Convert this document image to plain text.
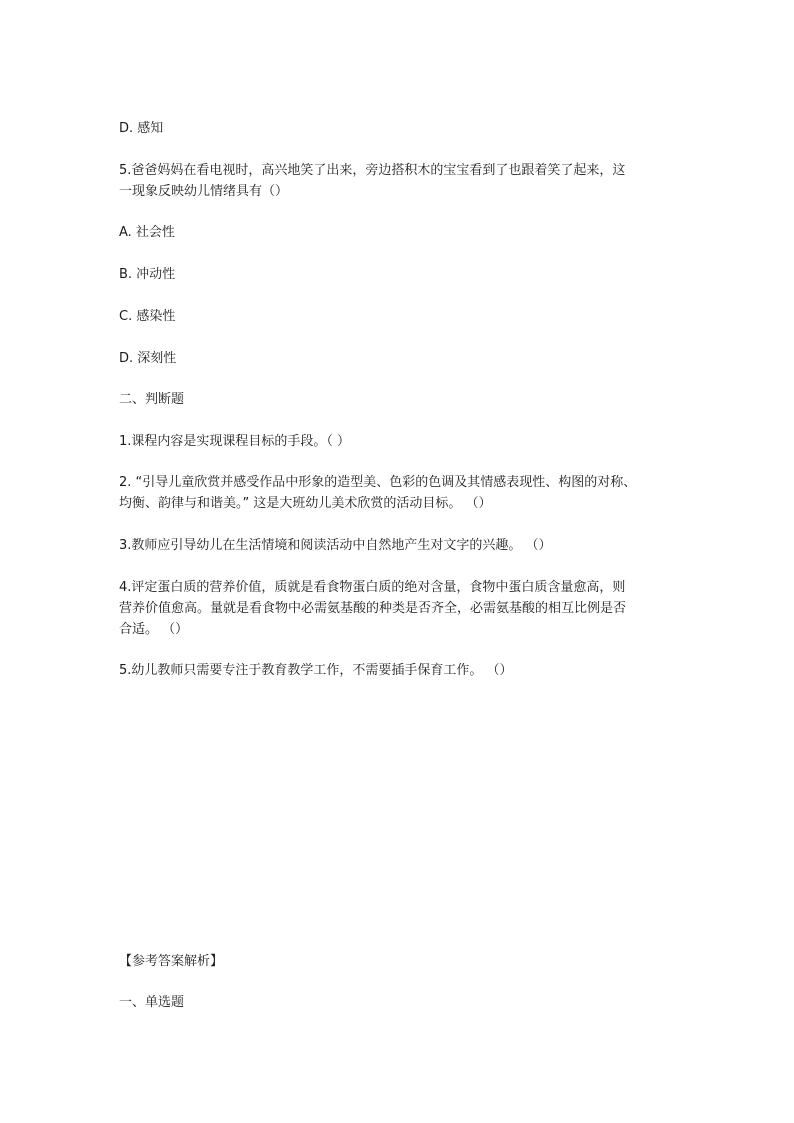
D. 感知

5.爸爸妈妈在看电视时，高兴地笑了出来，旁边搭积木的宝宝看到了也跟着笑了起来，这

一现象反映幼儿情绪具有（）

A. 社会性

B. 冲动性

C. 感染性

D. 深刻性

二、判断题

1.课程内容是实现课程目标的手段。（ ）

2. “引导儿童欣赏并感受作品中形象的造型美、色彩的色调及其情感表现性、构图的对称、

均衡、韵律与和谐美。” 这是大班幼儿美术欣赏的活动目标。 （）

3.教师应引导幼儿在生活情境和阅读活动中自然地产生对文字的兴趣。 （）

4.评定蛋白质的营养价值，质就是看食物蛋白质的绝对含量，食物中蛋白质含量愈高，则

营养价值愈高。量就是看食物中必需氨基酸的种类是否齐全，必需氨基酸的相互比例是否

合适。 （）

5.幼儿教师只需要专注于教育教学工作，不需要插手保育工作。 （）

【参考答案解析】

一、单选题
